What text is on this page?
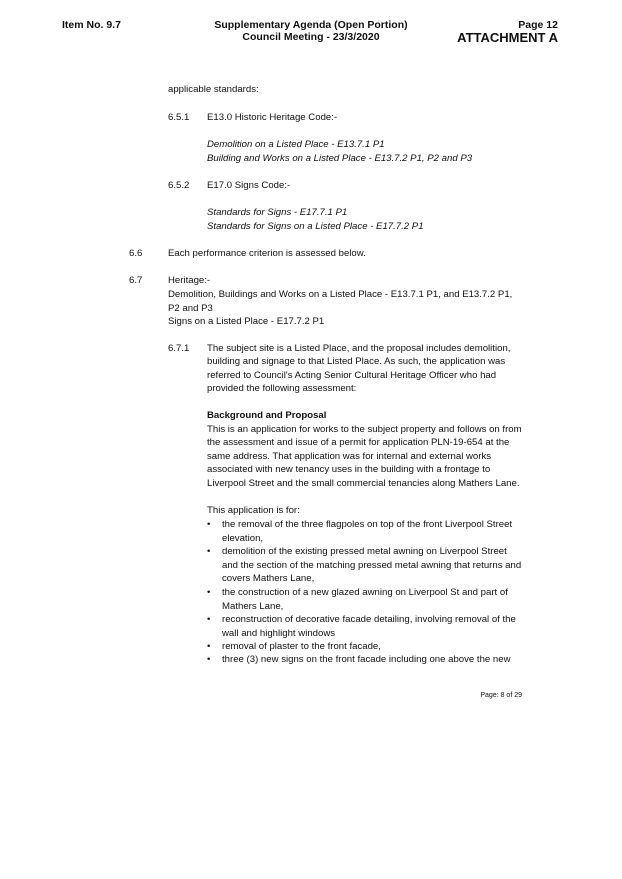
Item No. 9.7	Supplementary Agenda (Open Portion)
Council Meeting - 23/3/2020
Page 12
ATTACHMENT A
applicable standards:
6.5.1 E13.0 Historic Heritage Code:-
Demolition on a Listed Place - E13.7.1 P1
Building and Works on a Listed Place - E13.7.2 P1, P2 and P3
6.5.2 E17.0 Signs Code:-
Standards for Signs - E17.7.1 P1
Standards for Signs on a Listed Place - E17.7.2 P1
6.6	Each performance criterion is assessed below.
6.7	Heritage:-
Demolition, Buildings and Works on a Listed Place - E13.7.1 P1, and E13.7.2 P1,
P2 and P3
Signs on a Listed Place - E17.7.2 P1
6.7.1 The subject site is a Listed Place, and the proposal includes demolition,
building and signage to that Listed Place. As such, the application was
referred to Council's Acting Senior Cultural Heritage Officer who had
provided the following assessment:
Background and Proposal
This is an application for works to the subject property and follows on from
the assessment and issue of a permit for application PLN-19-654 at the
same address. That application was for internal and external works
associated with new tenancy uses in the building with a frontage to
Liverpool Street and the small commercial tenancies along Mathers Lane.
This application is for:
• the removal of the three flagpoles on top of the front Liverpool Street
elevation,
• demolition of the existing pressed metal awning on Liverpool Street
and the section of the matching pressed metal awning that returns and
covers Mathers Lane,
• the construction of a new glazed awning on Liverpool St and part of
Mathers Lane,
• reconstruction of decorative facade detailing, involving removal of the
wall and highlight windows
• removal of plaster to the front facade,
• three (3) new signs on the front facade including one above the new
Page: 8 of 29
